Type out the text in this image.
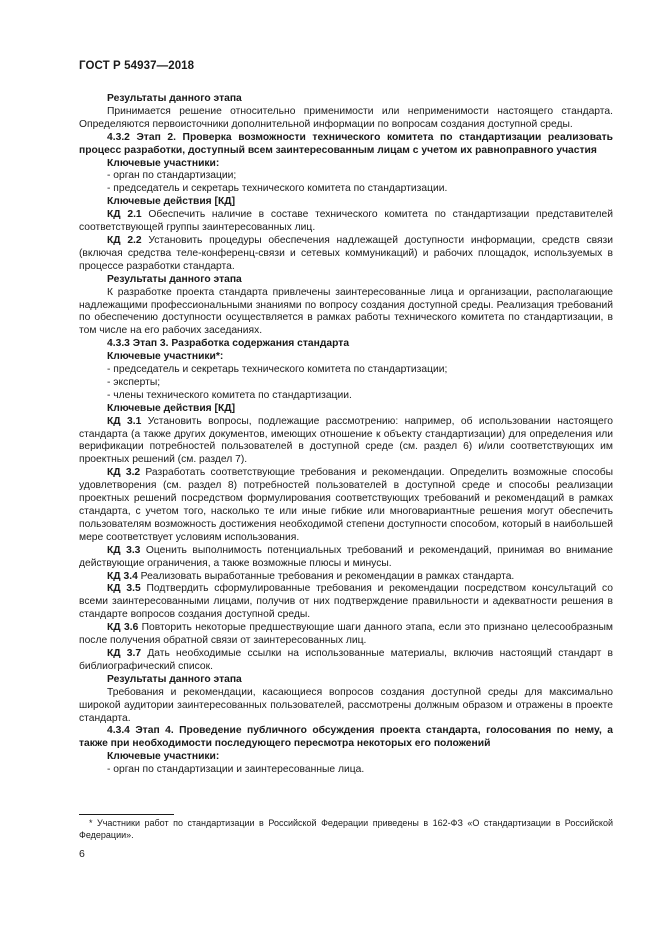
ГОСТ Р 54937—2018

Результаты данного этапа

Принимается решение относительно применимости или неприменимости настоящего стандарта. Определяются первоисточники дополнительной информации по вопросам создания доступной среды.

4.3.2 Этап 2. Проверка возможности технического комитета по стандартизации реализовать процесс разработки, доступный всем заинтересованным лицам с учетом их равноправного участия

Ключевые участники:

- орган по стандартизации;

- председатель и секретарь технического комитета по стандартизации.

Ключевые действия [КД]

КД 2.1 Обеспечить наличие в составе технического комитета по стандартизации представителей соответствующей группы заинтересованных лиц.

КД 2.2 Установить процедуры обеспечения надлежащей доступности информации, средств связи (включая средства теле-конференц-связи и сетевых коммуникаций) и рабочих площадок, используемых в процессе разработки стандарта.

Результаты данного этапа

К разработке проекта стандарта привлечены заинтересованные лица и организации, располагающие надлежащими профессиональными знаниями по вопросу создания доступной среды. Реализация требований по обеспечению доступности осуществляется в рамках работы технического комитета по стандартизации, в том числе на его рабочих заседаниях.

4.3.3 Этап 3. Разработка содержания стандарта

Ключевые участники*:

- председатель и секретарь технического комитета по стандартизации;

- эксперты;

- члены технического комитета по стандартизации.

Ключевые действия [КД]

КД 3.1 Установить вопросы, подлежащие рассмотрению: например, об использовании настоящего стандарта (а также других документов, имеющих отношение к объекту стандартизации) для определения или верификации потребностей пользователей в доступной среде (см. раздел 6) и/или соответствующих им проектных решений (см. раздел 7).

КД 3.2 Разработать соответствующие требования и рекомендации. Определить возможные способы удовлетворения (см. раздел 8) потребностей пользователей в доступной среде и способы реализации проектных решений посредством формулирования соответствующих требований и рекомендаций в рамках стандарта, с учетом того, насколько те или иные гибкие или многовариантные решения могут обеспечить пользователям возможность достижения необходимой степени доступности способом, который в наибольшей мере соответствует условиям использования.

КД 3.3 Оценить выполнимость потенциальных требований и рекомендаций, принимая во внимание действующие ограничения, а также возможные плюсы и минусы.

КД 3.4 Реализовать выработанные требования и рекомендации в рамках стандарта.

КД 3.5 Подтвердить сформулированные требования и рекомендации посредством консультаций со всеми заинтересованными лицами, получив от них подтверждение правильности и адекватности решения в стандарте вопросов создания доступной среды.

КД 3.6 Повторить некоторые предшествующие шаги данного этапа, если это признано целесообразным после получения обратной связи от заинтересованных лиц.

КД 3.7 Дать необходимые ссылки на использованные материалы, включив настоящий стандарт в библиографический список.

Результаты данного этапа

Требования и рекомендации, касающиеся вопросов создания доступной среды для максимально широкой аудитории заинтересованных пользователей, рассмотрены должным образом и отражены в проекте стандарта.

4.3.4 Этап 4. Проведение публичного обсуждения проекта стандарта, голосования по нему, а также при необходимости последующего пересмотра некоторых его положений

Ключевые участники:

- орган по стандартизации и заинтересованные лица.

* Участники работ по стандартизации в Российской Федерации приведены в 162-ФЗ «О стандартизации в Российской Федерации».
6
